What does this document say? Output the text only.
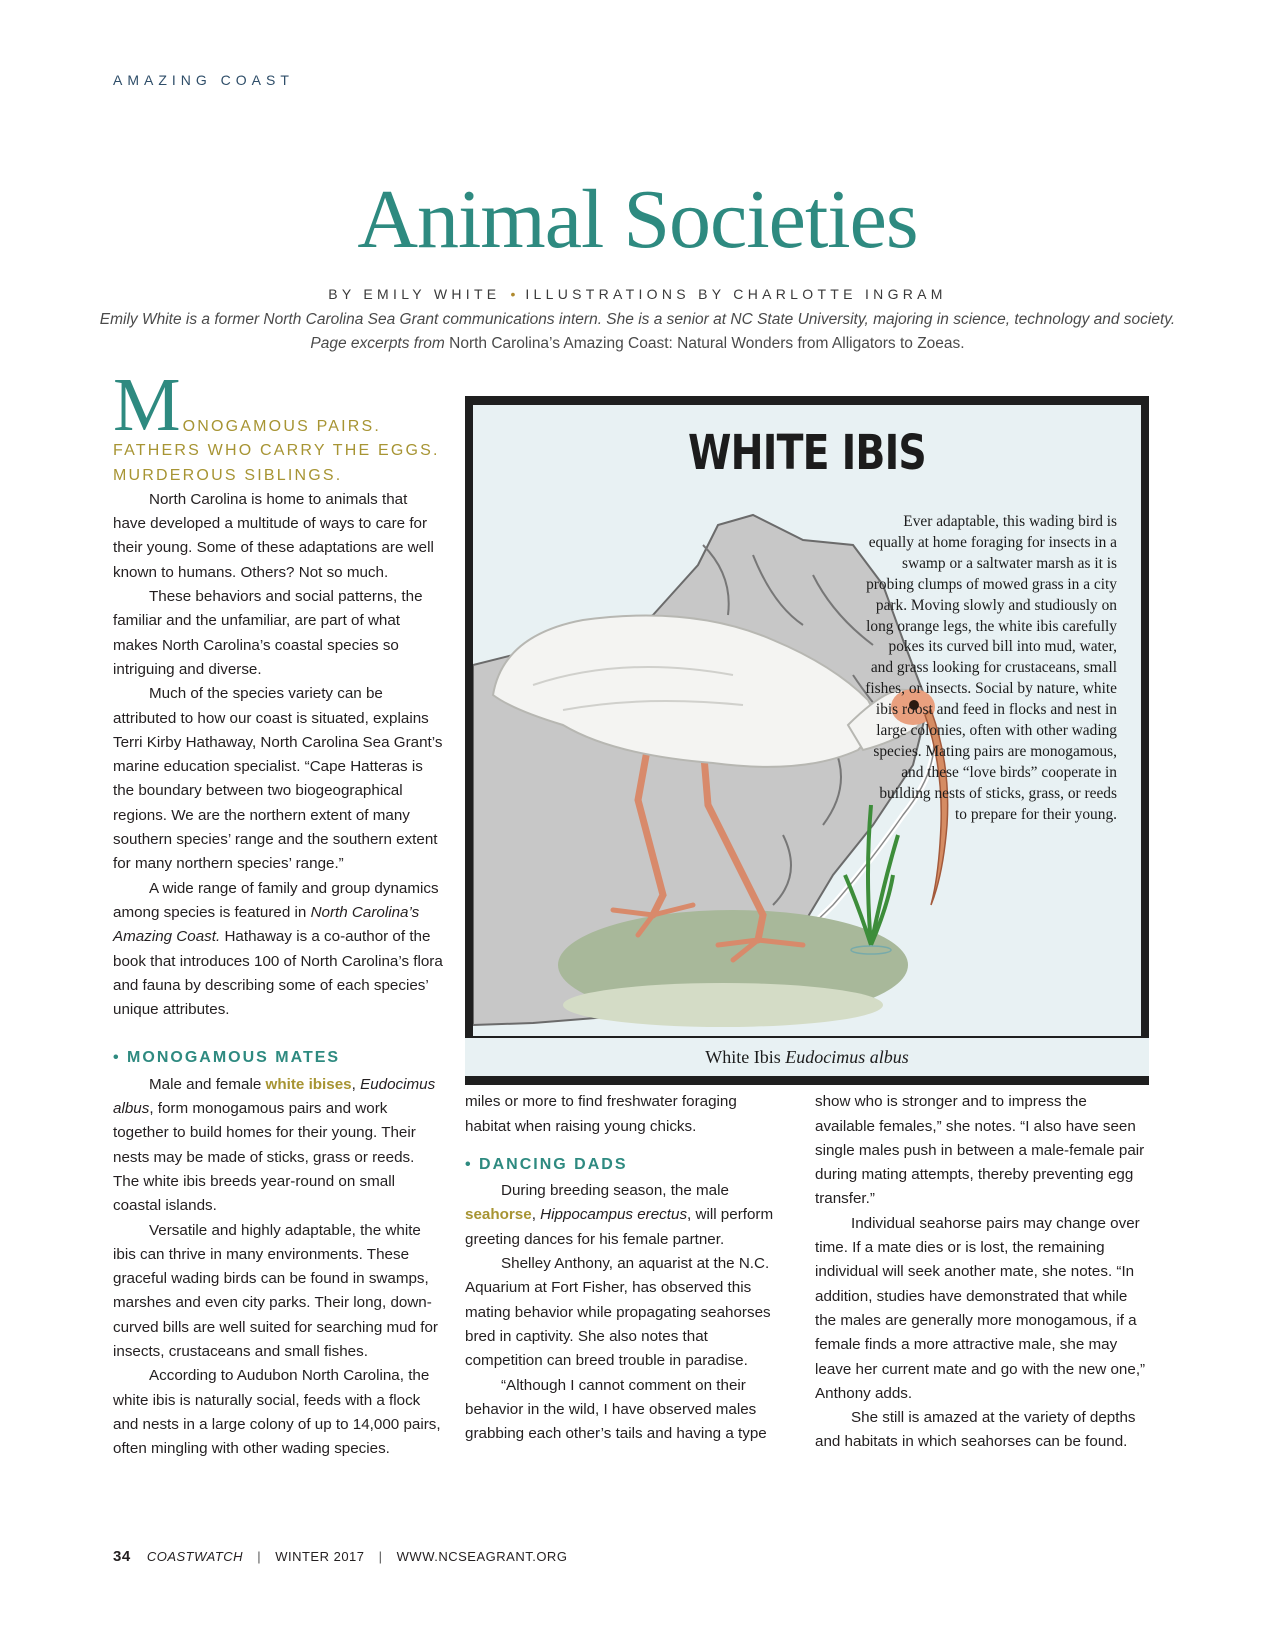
AMAZING COAST
Animal Societies
BY EMILY WHITE • ILLUSTRATIONS BY CHARLOTTE INGRAM
Emily White is a former North Carolina Sea Grant communications intern. She is a senior at NC State University, majoring in science, technology and society.
Page excerpts from North Carolina’s Amazing Coast: Natural Wonders from Alligators to Zoeas.
M ONOGAMOUS PAIRS. FATHERS WHO CARRY THE EGGS. MURDEROUS SIBLINGS.

North Carolina is home to animals that have developed a multitude of ways to care for their young. Some of these adaptations are well known to humans. Others? Not so much.

These behaviors and social patterns, the familiar and the unfamiliar, are part of what makes North Carolina’s coastal species so intriguing and diverse.

Much of the species variety can be attributed to how our coast is situated, explains Terri Kirby Hathaway, North Carolina Sea Grant’s marine education specialist. “Cape Hatteras is the boundary between two biogeographical regions. We are the northern extent of many southern species’ range and the southern extent for many northern species’ range.”

A wide range of family and group dynamics among species is featured in North Carolina’s Amazing Coast. Hathaway is a co-author of the book that introduces 100 of North Carolina’s flora and fauna by describing some of each species’ unique attributes.

• MONOGAMOUS MATES

Male and female white ibises, Eudocimus albus, form monogamous pairs and work together to build homes for their young. Their nests may be made of sticks, grass or reeds. The white ibis breeds year-round on small coastal islands.

Versatile and highly adaptable, the white ibis can thrive in many environments. These graceful wading birds can be found in swamps, marshes and even city parks. Their long, down-curved bills are well suited for searching mud for insects, crustaceans and small fishes.

According to Audubon North Carolina, the white ibis is naturally social, feeds with a flock and nests in a large colony of up to 14,000 pairs, often mingling with other wading species.

miles or more to find freshwater foraging habitat when raising young chicks.

• DANCING DADS

During breeding season, the male seahorse, Hippocampus erectus, will perform greeting dances for his female partner.

Shelley Anthony, an aquarist at the N.C. Aquarium at Fort Fisher, has observed this mating behavior while propagating seahorses bred in captivity. She also notes that competition can breed trouble in paradise.

“Although I cannot comment on their behavior in the wild, I have observed males grabbing each other’s tails and having a type

show who is stronger and to impress the available females,” she notes. “I also have seen single males push in between a male-female pair during mating attempts, thereby preventing egg transfer.”

Individual seahorse pairs may change over time. If a mate dies or is lost, the remaining individual will seek another mate, she notes. “In addition, studies have demonstrated that while the males are generally more monogamous, if a female finds a more attractive male, she may leave her current mate and go with the new one,” Anthony adds.

She still is amazed at the variety of depths and habitats in which seahorses can be found.

WHITE IBIS
Ever adaptable, this wading bird is equally at home foraging for insects in a swamp or a saltwater marsh as it is probing clumps of mowed grass in a city park. Moving slowly and studiously on long orange legs, the white ibis carefully pokes its curved bill into mud, water, and grass looking for crustaceans, small fishes, or insects. Social by nature, white ibis roost and feed in flocks and nest in large colonies, often with other wading species. Mating pairs are monogamous, and these “love birds” cooperate in building nests of sticks, grass, or reeds to prepare for their young.
White Ibis Eudocimus albus
34 COASTWATCH | WINTER 2017 | WWW.NCSEAGRANT.ORG
